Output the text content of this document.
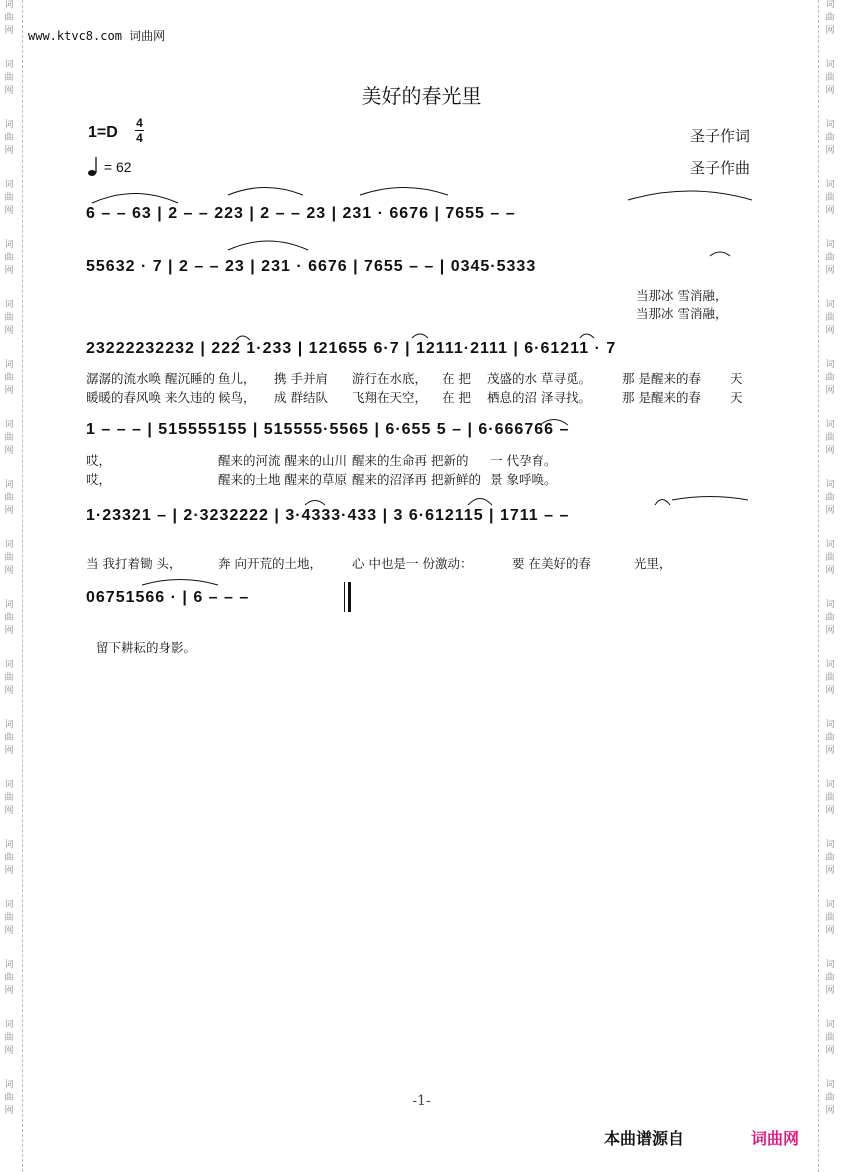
词
曲
网
词
曲
网
词
曲
网
词
曲
网
词
曲
网
词
曲
网
词
曲
网
词
曲
网
词
曲
网
词
曲
网
词
曲
网
词
曲
网
词
曲
网
词
曲
网
词
曲
网
词
曲
网
词
曲
网
词
曲
网
词
曲
网
词
曲
网
词
曲
网
词
曲
网
词
曲
网
词
曲
网
词
曲
网
词
曲
网
词
曲
网
词
曲
网
词
曲
网
词
曲
网
词
曲
网
词
曲
网
词
曲
网
词
曲
网
词
曲
网
词
曲
网
词
曲
网
词
曲
网
www.ktvc8.com 词曲网
美好的春光里
1=D
4
4
= 62
圣子作词
圣子作曲
6 – – 63 | 2 – – 223 | 2 – – 23 | 231 · 6676 | 7655 – –
55632 · 7 | 2 – – 23 | 231 · 6676 | 7655 – – | 0345·5333
23222232232 | 222 1·233 | 121655 6·7 | 12111·2111 | 6·61211 · 7
1 – – – | 515555155 | 515555·5565 | 6·655 5 – | 6·666766 –
1·23321 – | 2·3232222 | 3·4333·433 | 3 6·612115 | 1711 – –
06751566 · | 6 – – –
当那冰 雪消融，
当那冰 雪消融，
潺潺的流水唤 醒沉睡的 鱼儿， 携 手并肩 游行在水底， 在 把 茂盛的水 草寻觅。 那 是醒来的春 天
暖暖的春风唤 来久违的 候鸟， 成 群结队 飞翔在天空， 在 把 栖息的沼 泽寻找。 那 是醒来的春 天
哎，	醒来的河流 醒来的山川 醒来的生命再 把新的 一 代孕育。
哎，	醒来的土地 醒来的草原 醒来的沼泽再 把新鲜的 景 象呼唤。
当 我打着锄 头，	奔 向开荒的土地， 心 中也是一 份激动：	要 在美好的春	光里，
留下耕耘的身影。
-1-
本曲谱源自	词曲网
